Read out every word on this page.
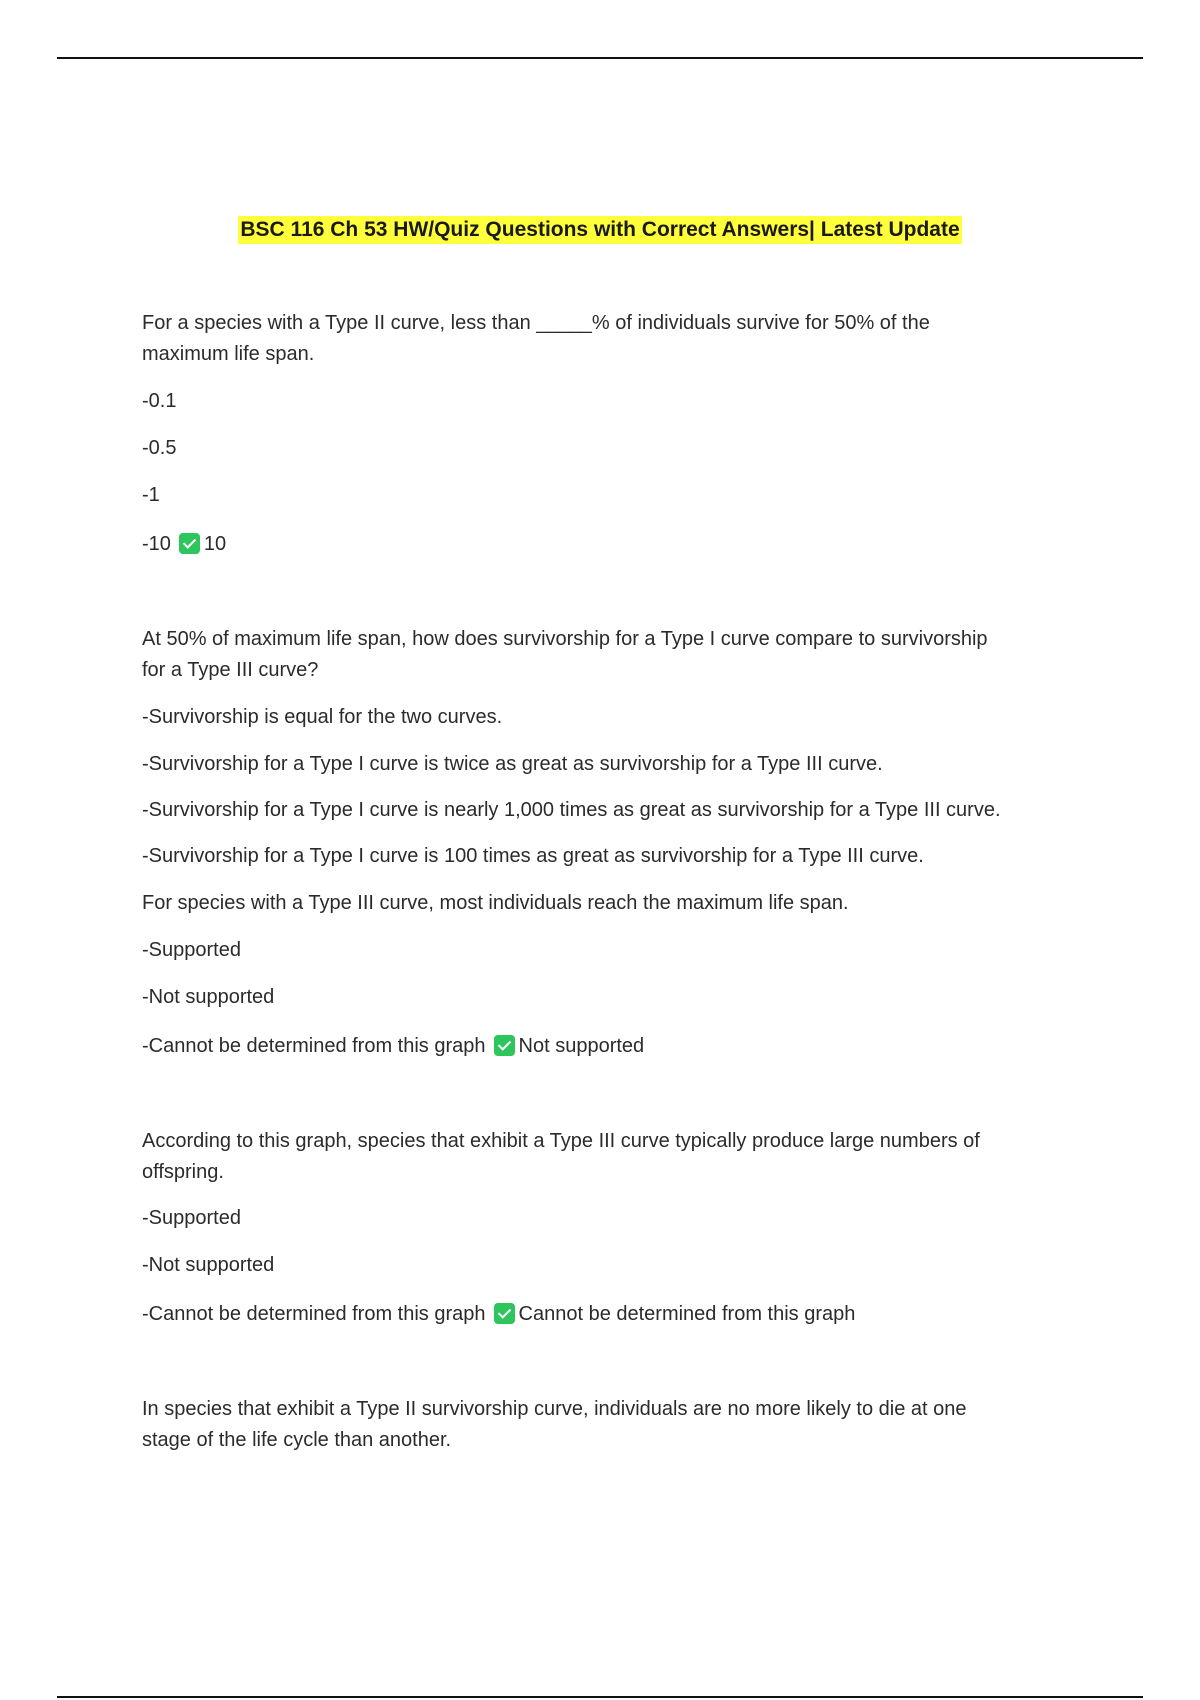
BSC 116 Ch 53 HW/Quiz Questions with Correct Answers| Latest Update
For a species with a Type II curve, less than _____% of individuals survive for 50% of the
maximum life span.
-0.1
-0.5
-1
-10 10
At 50% of maximum life span, how does survivorship for a Type I curve compare to survivorship
for a Type III curve?
-Survivorship is equal for the two curves.
-Survivorship for a Type I curve is twice as great as survivorship for a Type III curve.
-Survivorship for a Type I curve is nearly 1,000 times as great as survivorship for a Type III curve.
-Survivorship for a Type I curve is 100 times as great as survivorship for a Type III curve.
For species with a Type III curve, most individuals reach the maximum life span.
-Supported
-Not supported
-Cannot be determined from this graph Not supported
According to this graph, species that exhibit a Type III curve typically produce large numbers of
offspring.
-Supported
-Not supported
-Cannot be determined from this graph Cannot be determined from this graph
In species that exhibit a Type II survivorship curve, individuals are no more likely to die at one
stage of the life cycle than another.
